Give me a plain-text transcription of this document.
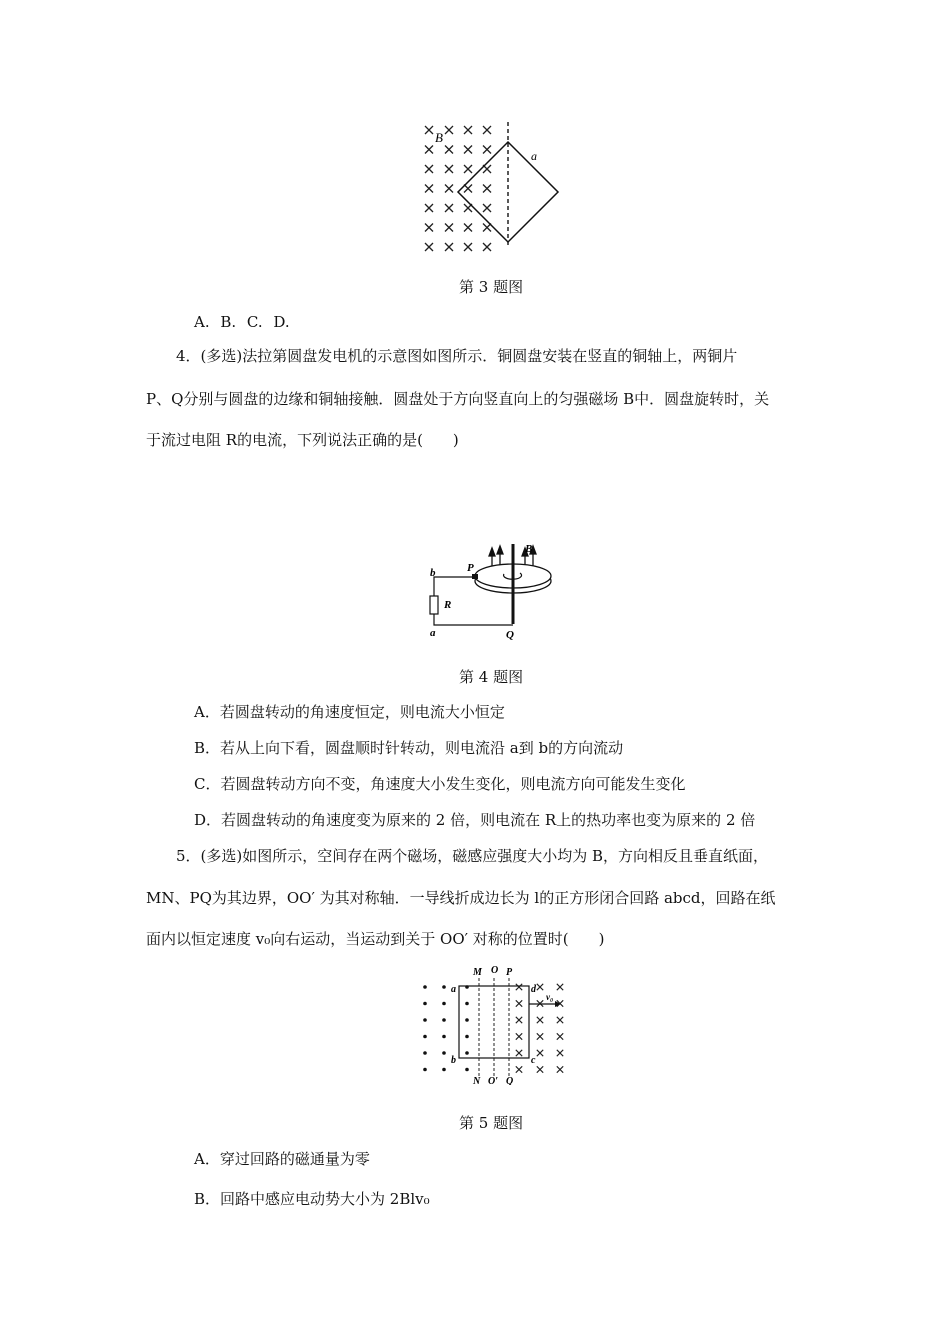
B
a
第 3 题图
A. B. C. D.
4．(多选)法拉第圆盘发电机的示意图如图所示．铜圆盘安装在竖直的铜轴上，两铜片
P、Q分别与圆盘的边缘和铜轴接触．圆盘处于方向竖直向上的匀强磁场 B中．圆盘旋转时，关
于流过电阻 R的电流，下列说法正确的是(　　)
b	P
R
a	Q
B
第 4 题图
A．若圆盘转动的角速度恒定，则电流大小恒定
B．若从上向下看，圆盘顺时针转动，则电流沿 a到 b的方向流动
C．若圆盘转动方向不变，角速度大小发生变化，则电流方向可能发生变化
D．若圆盘转动的角速度变为原来的 2 倍，则电流在 R上的热功率也变为原来的 2 倍
5．(多选)如图所示，空间存在两个磁场，磁感应强度大小均为 B，方向相反且垂直纸面，
MN、PQ为其边界，OO′ 为其对称轴．一导线折成边长为 l的正方形闭合回路 abcd，回路在纸
面内以恒定速度 v₀向右运动，当运动到关于 OO′ 对称的位置时(　　)
M O P
a	d
v₀
b	c
N O′ Q
第 5 题图
A．穿过回路的磁通量为零
B．回路中感应电动势大小为 2Blv₀
